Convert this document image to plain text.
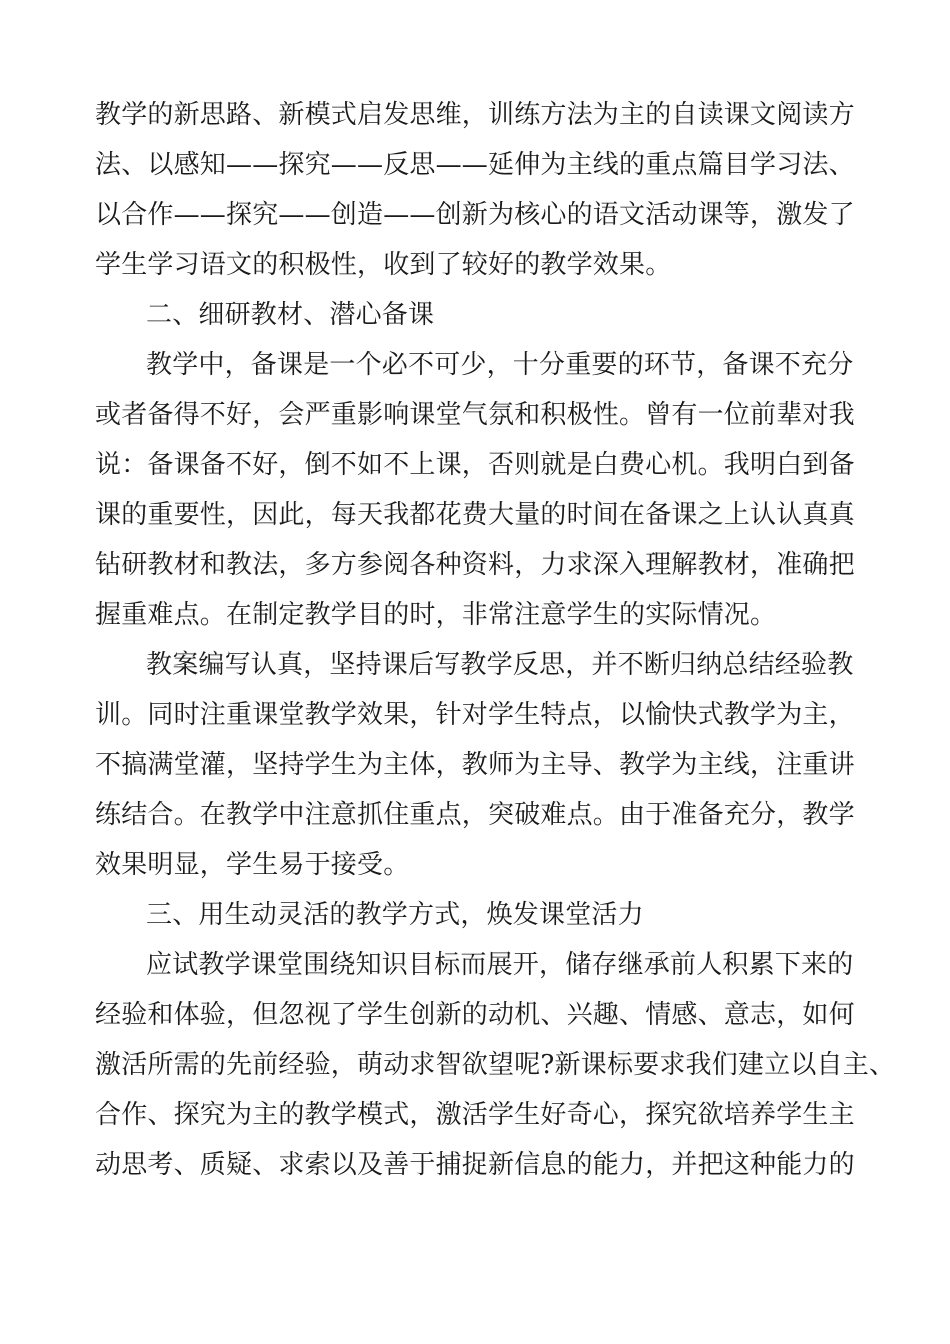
教学的新思路、新模式启发思维，训练方法为主的自读课文阅读方

法、以感知——探究——反思——延伸为主线的重点篇目学习法、

以合作——探究——创造——创新为核心的语文活动课等，激发了

学生学习语文的积极性，收到了较好的教学效果。

二、细研教材、潜心备课

教学中，备课是一个必不可少，十分重要的环节，备课不充分

或者备得不好，会严重影响课堂气氛和积极性。曾有一位前辈对我

说：备课备不好，倒不如不上课，否则就是白费心机。我明白到备

课的重要性，因此，每天我都花费大量的时间在备课之上认认真真

钻研教材和教法，多方参阅各种资料，力求深入理解教材，准确把

握重难点。在制定教学目的时，非常注意学生的实际情况。

教案编写认真，坚持课后写教学反思，并不断归纳总结经验教

训。同时注重课堂教学效果，针对学生特点，以愉快式教学为主，

不搞满堂灌，坚持学生为主体，教师为主导、教学为主线，注重讲

练结合。在教学中注意抓住重点，突破难点。由于准备充分，教学

效果明显，学生易于接受。

三、用生动灵活的教学方式，焕发课堂活力

应试教学课堂围绕知识目标而展开，储存继承前人积累下来的

经验和体验，但忽视了学生创新的动机、兴趣、情感、意志，如何

激活所需的先前经验，萌动求智欲望呢?新课标要求我们建立以自主、

合作、探究为主的教学模式，激活学生好奇心，探究欲培养学生主

动思考、质疑、求索以及善于捕捉新信息的能力，并把这种能力的
